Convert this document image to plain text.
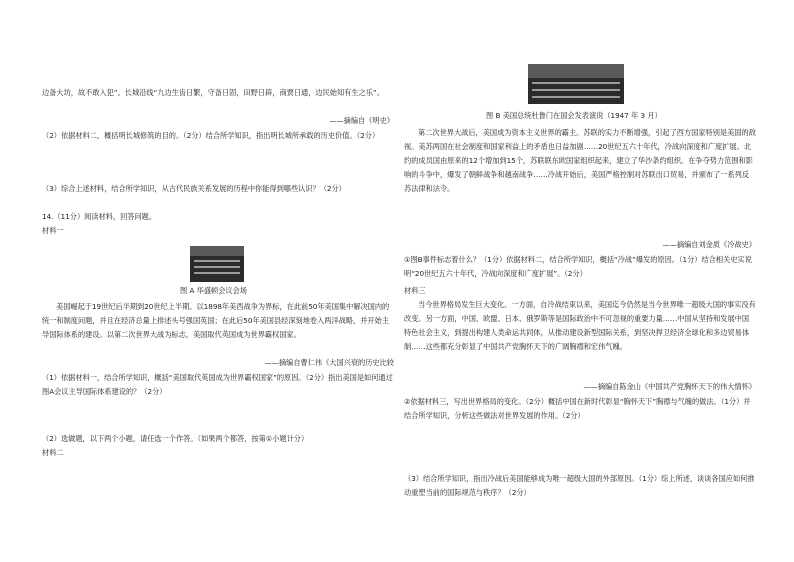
边备大坊，故不敢入犯”。长城沿线“九边生齿日繁，守备日固，田野日辟，商贾日通，边民始知有生之乐”。
——摘编自《明史》
（2）依据材料二，概括明长城修筑的目的。（2分）结合所学知识，指出明长城所承载的历史价值。（2分）
（3）综合上述材料，结合所学知识，从古代民族关系发展的历程中你能得到哪些认识？（2分）
14.（11分）阅读材料，回答问题。
材料一
图 A 华盛顿会议会场
美国崛起于19世纪后半期到20世纪上半期。以1898年美西战争为界标，在此前50年美国集中解决国内的统一和制度问题，并且在经济总量上排述头号强国英国；在此后50年美国县经深刻地卷入两洋战略，并开始主导国际体系的建设。以第二次世界大战为标志，美国取代英国成为世界霸权国家。
——摘编自曹仁伟《大国兴衰的历史比较
（1）依据材料一，结合所学知识，概括“美国取代英国成为世界霸权国家”的原因。（2分）指出美国是如何通过图A会议主导国际体系建设的？（2分）
（2）选做题，以下两个小题，请任选一个作答。（如果两个都答，按第①小题计分）
材料二
图 B 美国总统杜鲁门在国会发表演说（1947 年 3 月）
第二次世界大战后，美国成为资本主义世界的霸主。苏联的实力不断增强，引起了西方国家特别是美国的敌视。美苏两国在社会制度和国家利益上的矛盾也日益加剧……20世纪五六十年代，冷战向深度和广度扩展。北约的成员国由原来的12个增加到15个，苏联联东欧国家组织起来，建立了华沙条约组织。在争夺势力范围和影响的斗争中，爆发了朝鲜战争和越南战争……冷战开始后，美国严格控制对苏联出口贸易，并颁布了一系列反苏法律和法令。
——摘编自刘金质《冷战史》
①图B事件标志着什么？（1分）依据材料二，结合所学知识，概括“冷战”爆发的原因。（1分）结合相关史实说明“20世纪五六十年代，冷战向深度和广度扩展”。（2分）
材料三
当今世界格局发生巨大变化。一方面，自冷战结束以来，美国迄今仍然是当今世界唯一超级大国的事实没有改变。另一方面，中国、欧盟、日本、俄罗斯等是国际政治中不可忽视的重要力量……中国从坚持和发展中国特色社会主义，到提出构建人类命运共同体，从推动建设新型国际关系，到坚决捍卫经济全球化和多边贸易体制……这些都充分彰显了中国共产党胸怀天下的广阔胸襟和宏伟气魄。
——摘编自陈金山《中国共产党胸怀天下的伟大情怀》
②依据材料三，写出世界格局的变化。（2分）概括中国在新时代彰显“胸怀天下”胸襟与气魄的做法。（1分）并结合所学知识，分析这些做法对世界发展的作用。（2分）
（3）结合所学知识，指出冷战后美国能够成为唯一超级大国的外部原因。（1分）综上所述，谈谈各国应如何推动重塑当前的国际规范与秩序？（2分）
